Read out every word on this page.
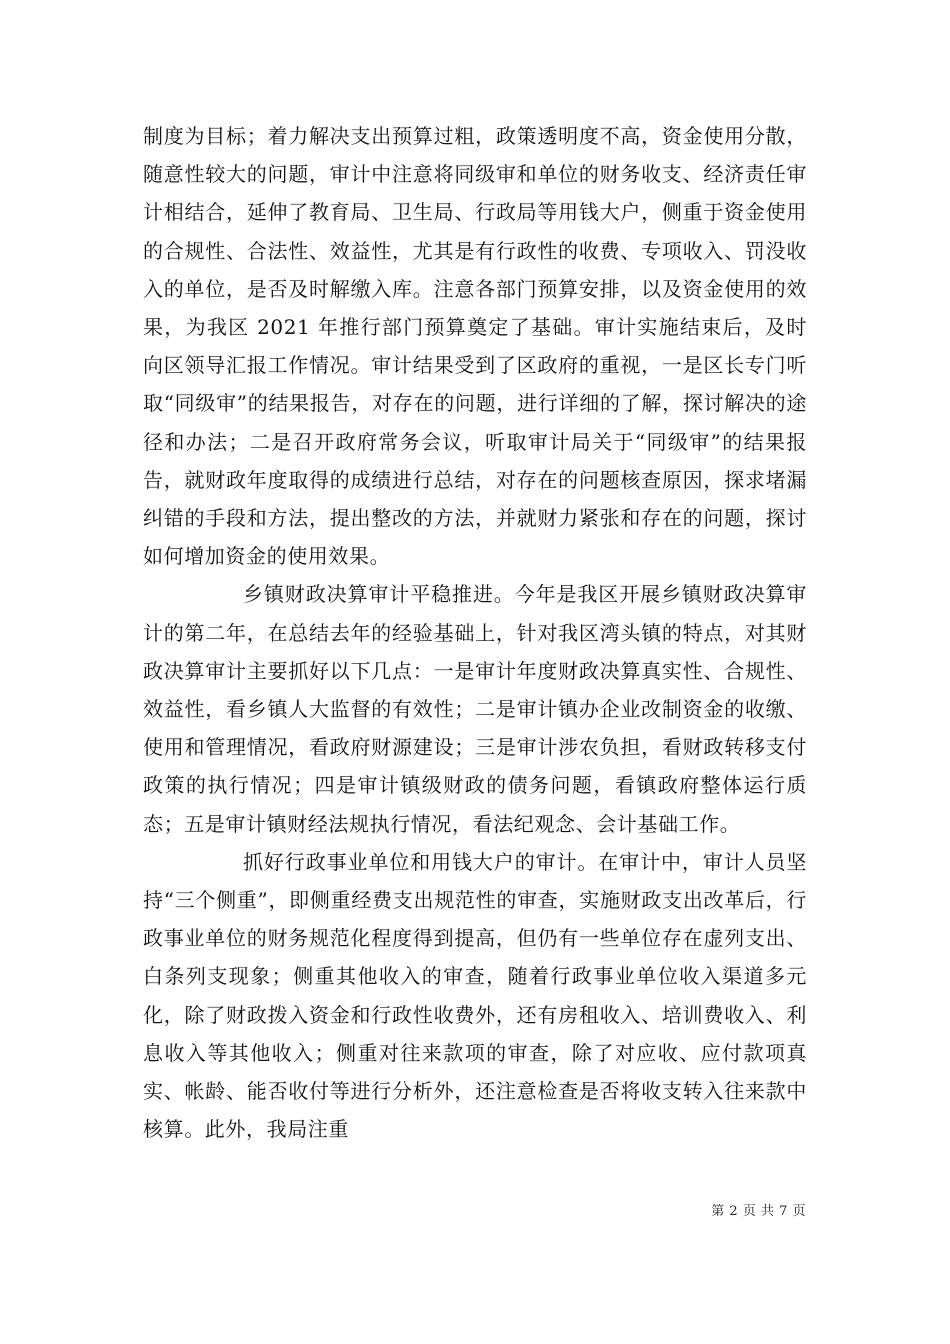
制度为目标；着力解决支出预算过粗，政策透明度不高，资金使用分散，随意性较大的问题，审计中注意将同级审和单位的财务收支、经济责任审计相结合，延伸了教育局、卫生局、行政局等用钱大户，侧重于资金使用的合规性、合法性、效益性，尤其是有行政性的收费、专项收入、罚没收入的单位，是否及时解缴入库。注意各部门预算安排，以及资金使用的效果，为我区 2021 年推行部门预算奠定了基础。审计实施结束后，及时向区领导汇报工作情况。审计结果受到了区政府的重视，一是区长专门听取“同级审”的结果报告，对存在的问题，进行详细的了解，探讨解决的途径和办法；二是召开政府常务会议，听取审计局关于“同级审”的结果报告，就财政年度取得的成绩进行总结，对存在的问题核查原因，探求堵漏纠错的手段和方法，提出整改的方法，并就财力紧张和存在的问题，探讨如何增加资金的使用效果。

乡镇财政决算审计平稳推进。今年是我区开展乡镇财政决算审计的第二年，在总结去年的经验基础上，针对我区湾头镇的特点，对其财政决算审计主要抓好以下几点：一是审计年度财政决算真实性、合规性、效益性，看乡镇人大监督的有效性；二是审计镇办企业改制资金的收缴、使用和管理情况，看政府财源建设；三是审计涉农负担，看财政转移支付政策的执行情况；四是审计镇级财政的债务问题，看镇政府整体运行质态；五是审计镇财经法规执行情况，看法纪观念、会计基础工作。

抓好行政事业单位和用钱大户的审计。在审计中，审计人员坚持“三个侧重”，即侧重经费支出规范性的审查，实施财政支出改革后，行政事业单位的财务规范化程度得到提高，但仍有一些单位存在虚列支出、白条列支现象；侧重其他收入的审查，随着行政事业单位收入渠道多元化，除了财政拨入资金和行政性收费外，还有房租收入、培训费收入、利息收入等其他收入；侧重对往来款项的审查，除了对应收、应付款项真实、帐龄、能否收付等进行分析外，还注意检查是否将收支转入往来款中核算。此外，我局注重

第 2 页 共 7 页
